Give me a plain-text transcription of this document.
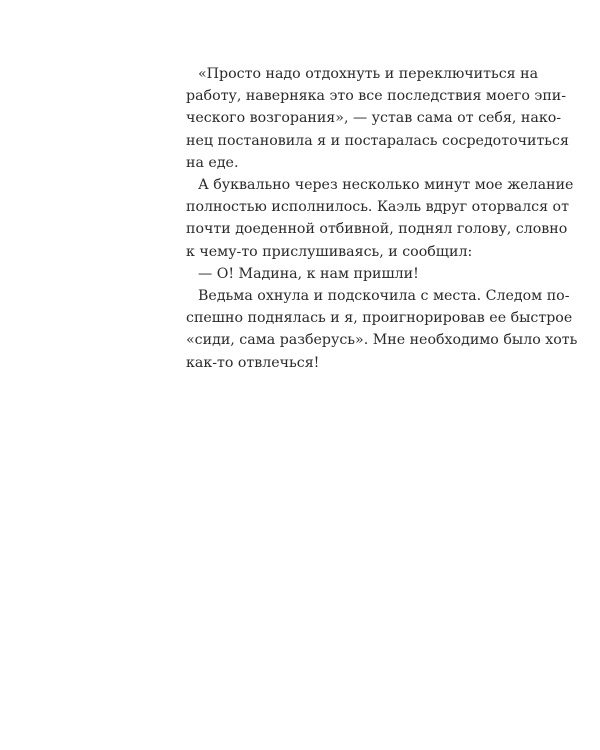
«Просто надо отдохнуть и переключиться на
работу, наверняка это все последствия моего эпи-
ческого возгорания», — устав сама от себя, нако-
нец постановила я и постаралась сосредоточиться
на еде.

А буквально через несколько минут мое желание
полностью исполнилось. Каэль вдруг оторвался от
почти доеденной отбивной, поднял голову, словно
к чему-то прислушиваясь, и сообщил:

— О! Мадина, к нам пришли!

Ведьма охнула и подскочила с места. Следом по-
спешно поднялась и я, проигнорировав ее быстрое
«сиди, сама разберусь». Мне необходимо было хоть
как-то отвлечься!
